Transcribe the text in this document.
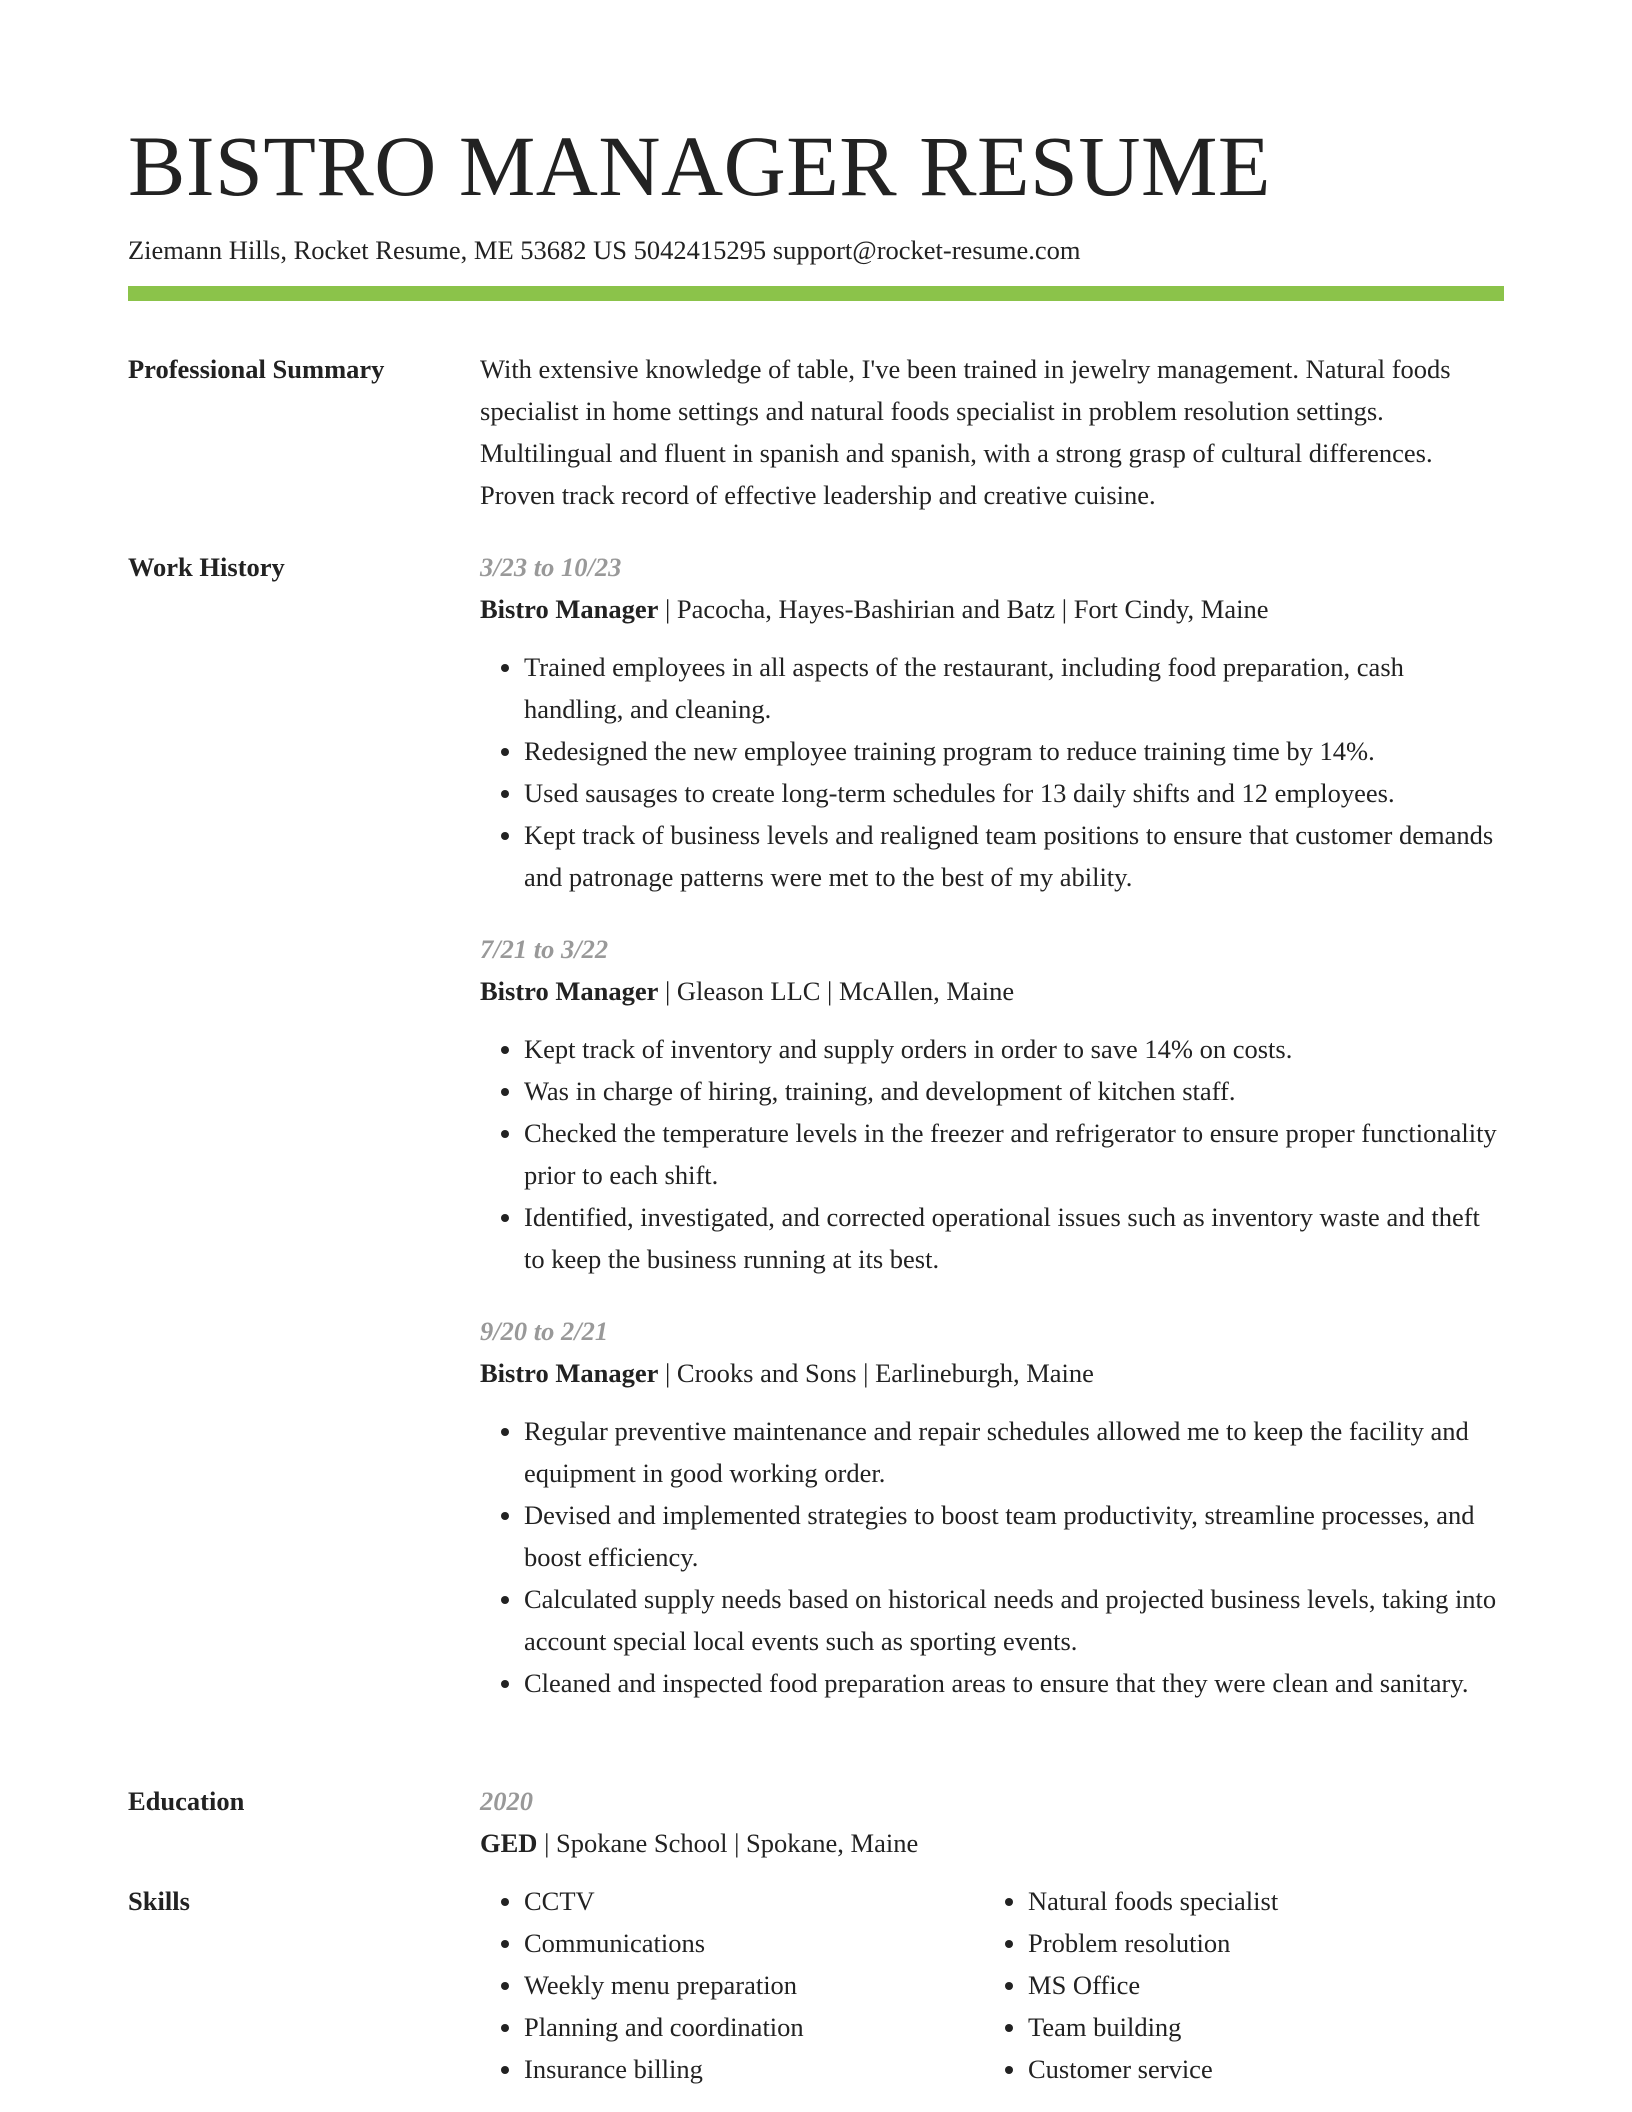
BISTRO MANAGER RESUME
Ziemann Hills, Rocket Resume, ME 53682 US 5042415295 support@rocket-resume.com
Professional Summary	With extensive knowledge of table, I've been trained in jewelry management. Natural foods specialist in home settings and natural foods specialist in problem resolution settings. Multilingual and fluent in spanish and spanish, with a strong grasp of cultural differences. Proven track record of effective leadership and creative cuisine.

Work History	3/23 to 10/23
Bistro Manager | Pacocha, Hayes-Bashirian and Batz | Fort Cindy, Maine
• Trained employees in all aspects of the restaurant, including food preparation, cash handling, and cleaning.
• Redesigned the new employee training program to reduce training time by 14%.
• Used sausages to create long-term schedules for 13 daily shifts and 12 employees.
• Kept track of business levels and realigned team positions to ensure that customer demands and patronage patterns were met to the best of my ability.
7/21 to 3/22
Bistro Manager | Gleason LLC | McAllen, Maine
• Kept track of inventory and supply orders in order to save 14% on costs.
• Was in charge of hiring, training, and development of kitchen staff.
• Checked the temperature levels in the freezer and refrigerator to ensure proper functionality prior to each shift.
• Identified, investigated, and corrected operational issues such as inventory waste and theft to keep the business running at its best.
9/20 to 2/21
Bistro Manager | Crooks and Sons | Earlineburgh, Maine
• Regular preventive maintenance and repair schedules allowed me to keep the facility and equipment in good working order.
• Devised and implemented strategies to boost team productivity, streamline processes, and boost efficiency.
• Calculated supply needs based on historical needs and projected business levels, taking into account special local events such as sporting events.
• Cleaned and inspected food preparation areas to ensure that they were clean and sanitary.
Education	2020
GED | Spokane School | Spokane, Maine
Skills
•	CCTV
• Communications
• Weekly menu preparation
• Planning and coordination
• Insurance billing
• Natural foods specialist
• Problem resolution
• MS Office
• Team building
• Customer service
